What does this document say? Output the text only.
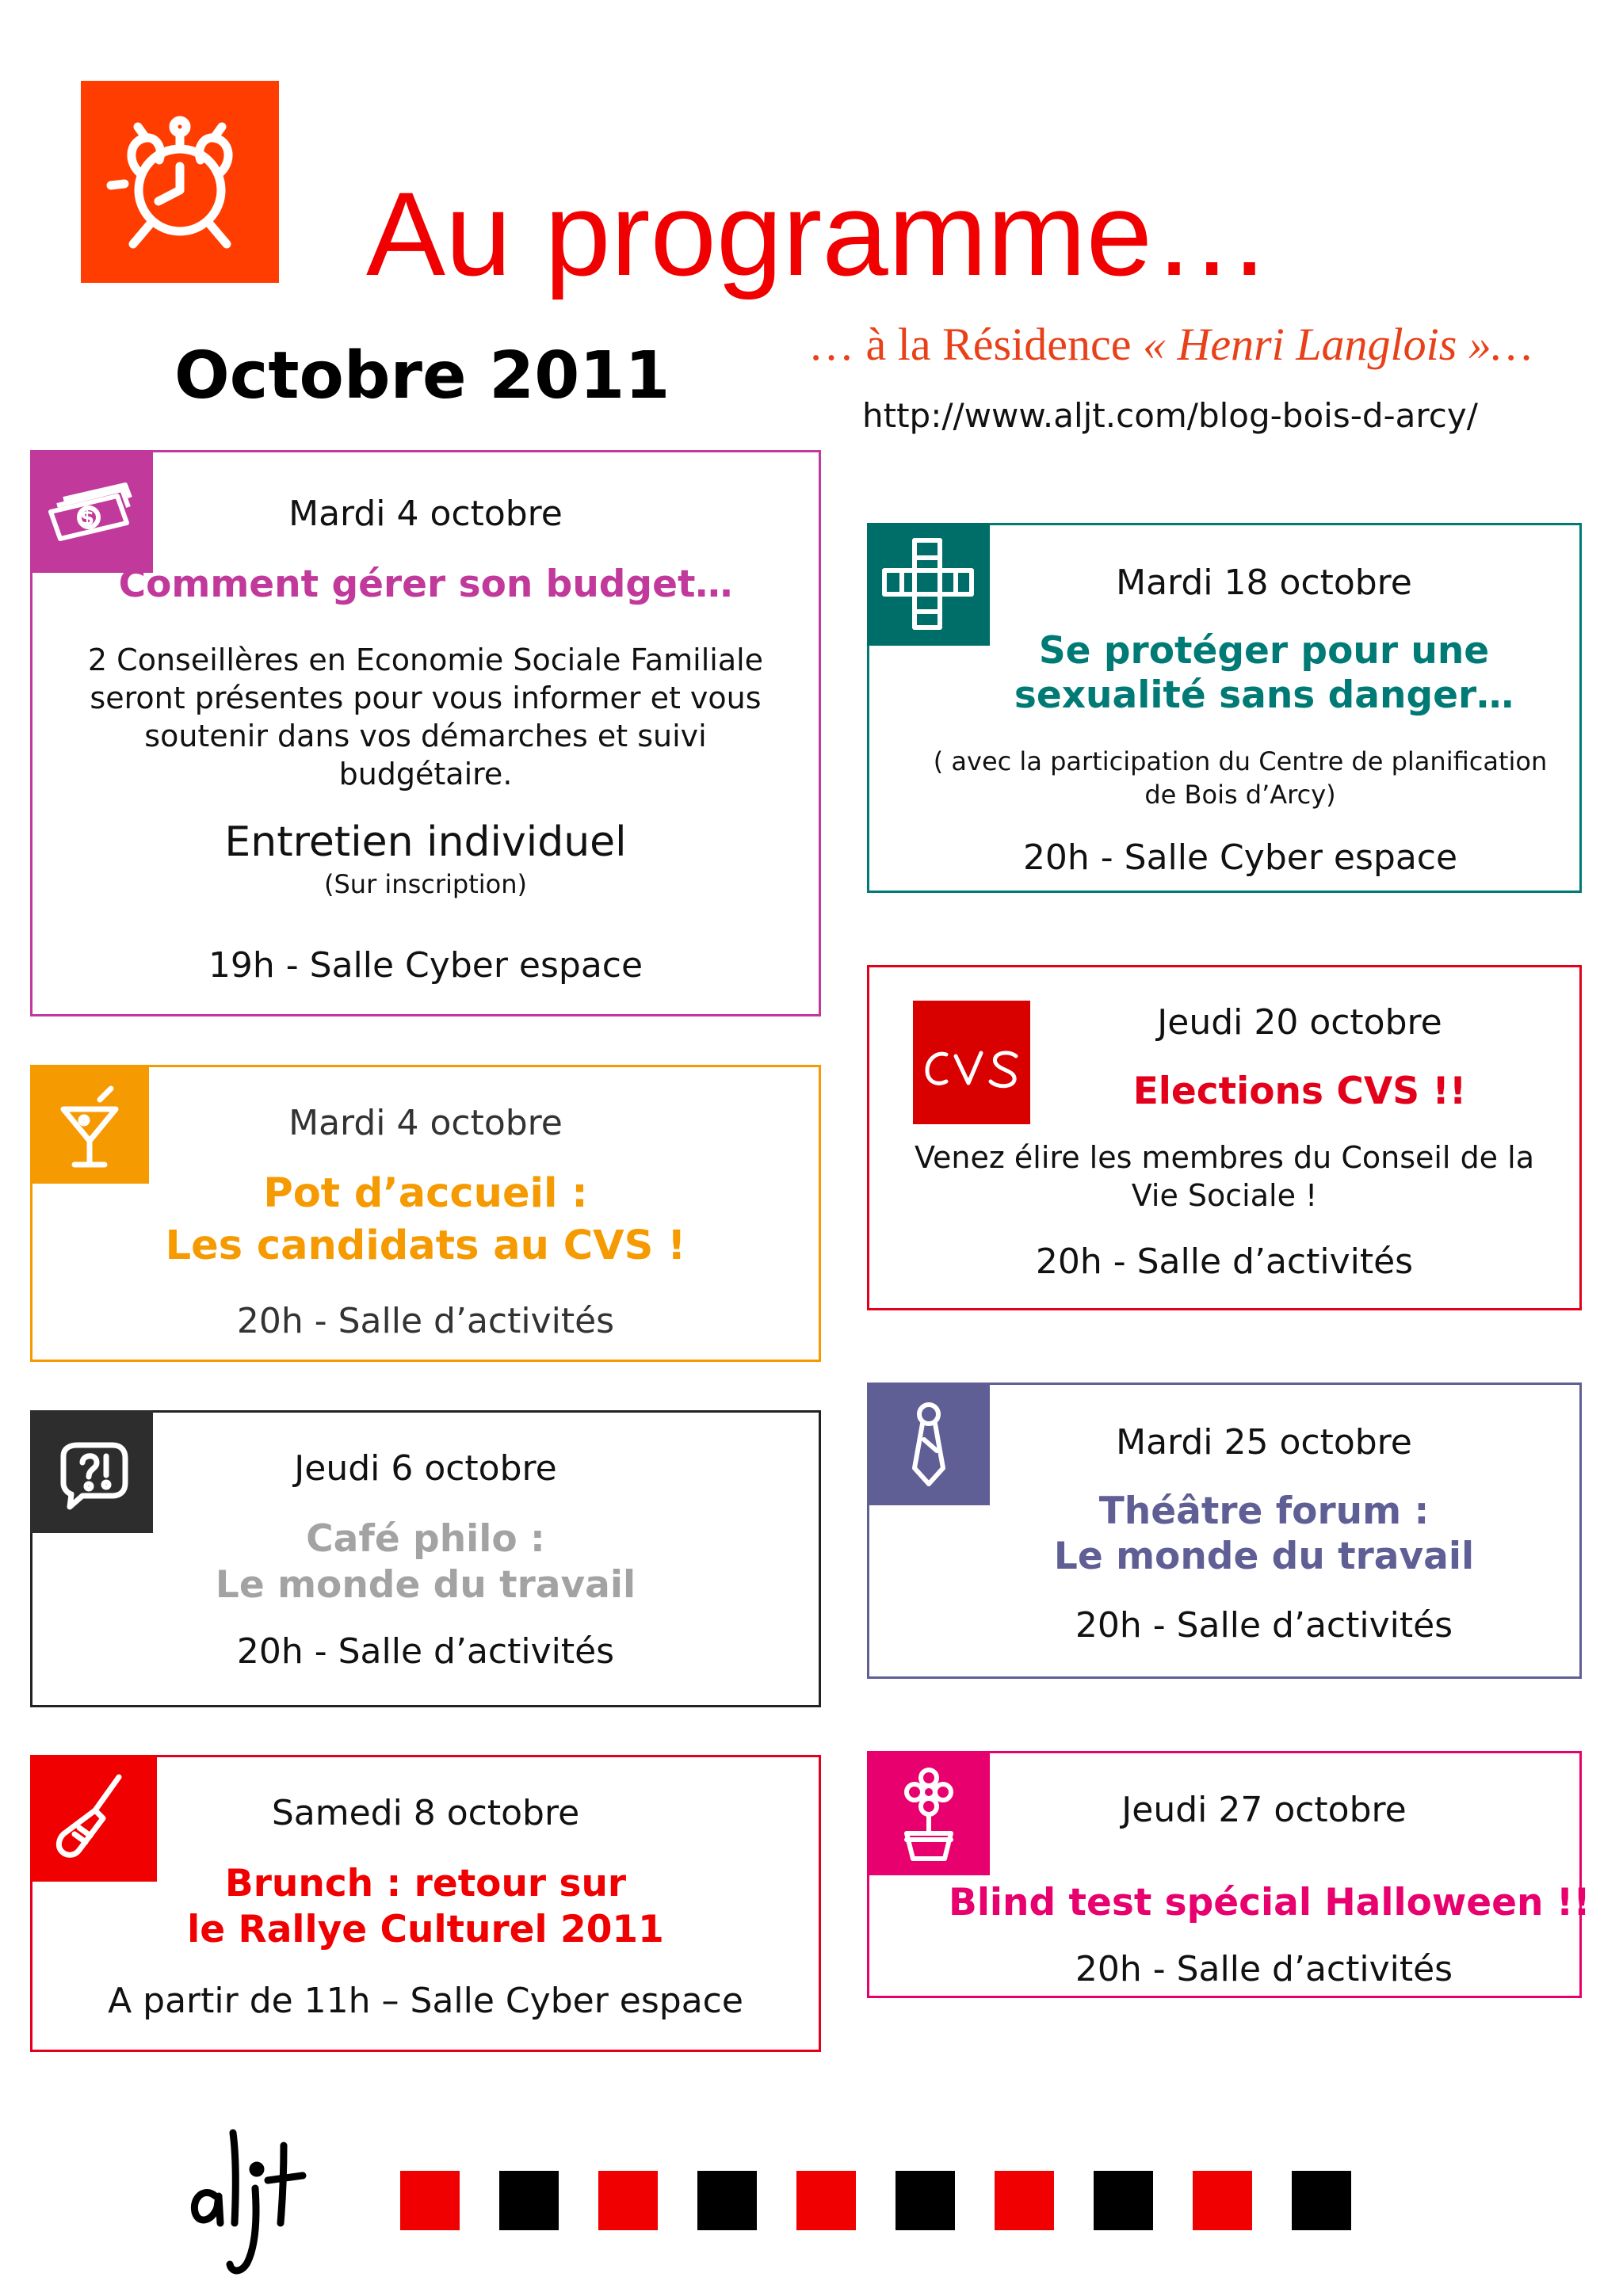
Au programme…

… à la Résidence « Henri Langlois »…

Octobre 2011

http://www.aljt.com/blog-bois-d-arcy/

$	Mardi 4 octobre

Comment gérer son budget…

2 Conseillères en Economie Sociale Familiale

seront présentes pour vous informer et vous

soutenir dans vos démarches et suivi

budgétaire.

Entretien individuel

(Sur inscription)

19h - Salle Cyber espace

Mardi 4 octobre

Pot d’accueil :

Les candidats au CVS !

20h - Salle d’activités

Jeudi 6 octobre

Café philo :

Le monde du travail

20h - Salle d’activités

Samedi 8 octobre

Brunch : retour sur

le Rallye Culturel 2011

A partir de 11h – Salle Cyber espace

Mardi 18 octobre

Se protéger pour une

sexualité sans danger…

( avec la participation du Centre de planification

de Bois d’Arcy)

20h - Salle Cyber espace

Jeudi 20 octobre

Elections CVS !!

Venez élire les membres du Conseil de la

Vie Sociale !

20h - Salle d’activités

Mardi 25 octobre

Théâtre forum :

Le monde du travail

20h - Salle d’activités

Jeudi 27 octobre

Blind test spécial Halloween !!

20h - Salle d’activités
